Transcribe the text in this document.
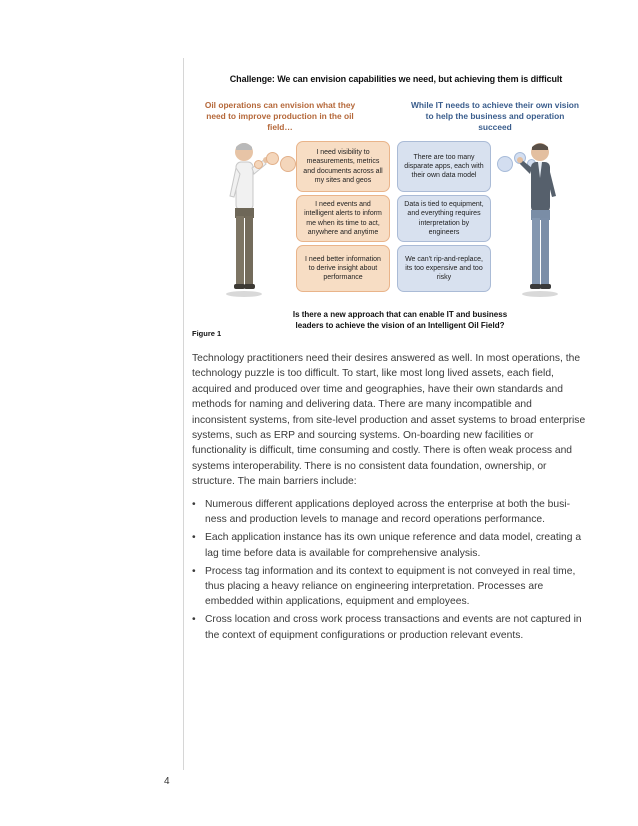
Challenge: We can envision capabilities we need, but achieving them is difficult
Oil operations can envision what they need to improve production in the oil field…
While IT needs to achieve their own vision to help the business and operation succeed
I need visibility to measurements, metrics and documents across all my sites and geos
I need events and intelligent alerts to inform me when its time to act, anywhere and anytime
I need better information to derive insight about performance
There are too many disparate apps, each with their own data model
Data is tied to equipment, and everything requires interpretation by engineers
We can't rip-and-replace, its too expensive and too risky
Is there a new approach that can enable IT and business leaders to achieve the vision of an Intelligent Oil Field?
Figure 1

Technology practitioners need their desires answered as well. In most operations, the technology puzzle is too difficult. To start, like most long lived assets, each field, acquired and produced over time and geographies, have their own standards and methods for naming and delivering data. There are many incompatible and inconsistent systems, from site-level production and asset systems to broad enterprise systems, such as ERP and sourcing systems. On-boarding new facilities or functionality is difficult, time consuming and costly. There is often weak process and systems interoperability. There is no consistent data foundation, ownership, or structure. The main barriers include:

• Numerous different applications deployed across the enterprise at both the business and production levels to manage and record operations performance.
• Each application instance has its own unique reference and data model, creating a lag time before data is available for comprehensive analysis.
• Process tag information and its context to equipment is not conveyed in real time, thus placing a heavy reliance on engineering interpretation. Processes are embedded within applications, equipment and employees.
• Cross location and cross work process transactions and events are not captured in the context of equipment configurations or production relevant events.
4
